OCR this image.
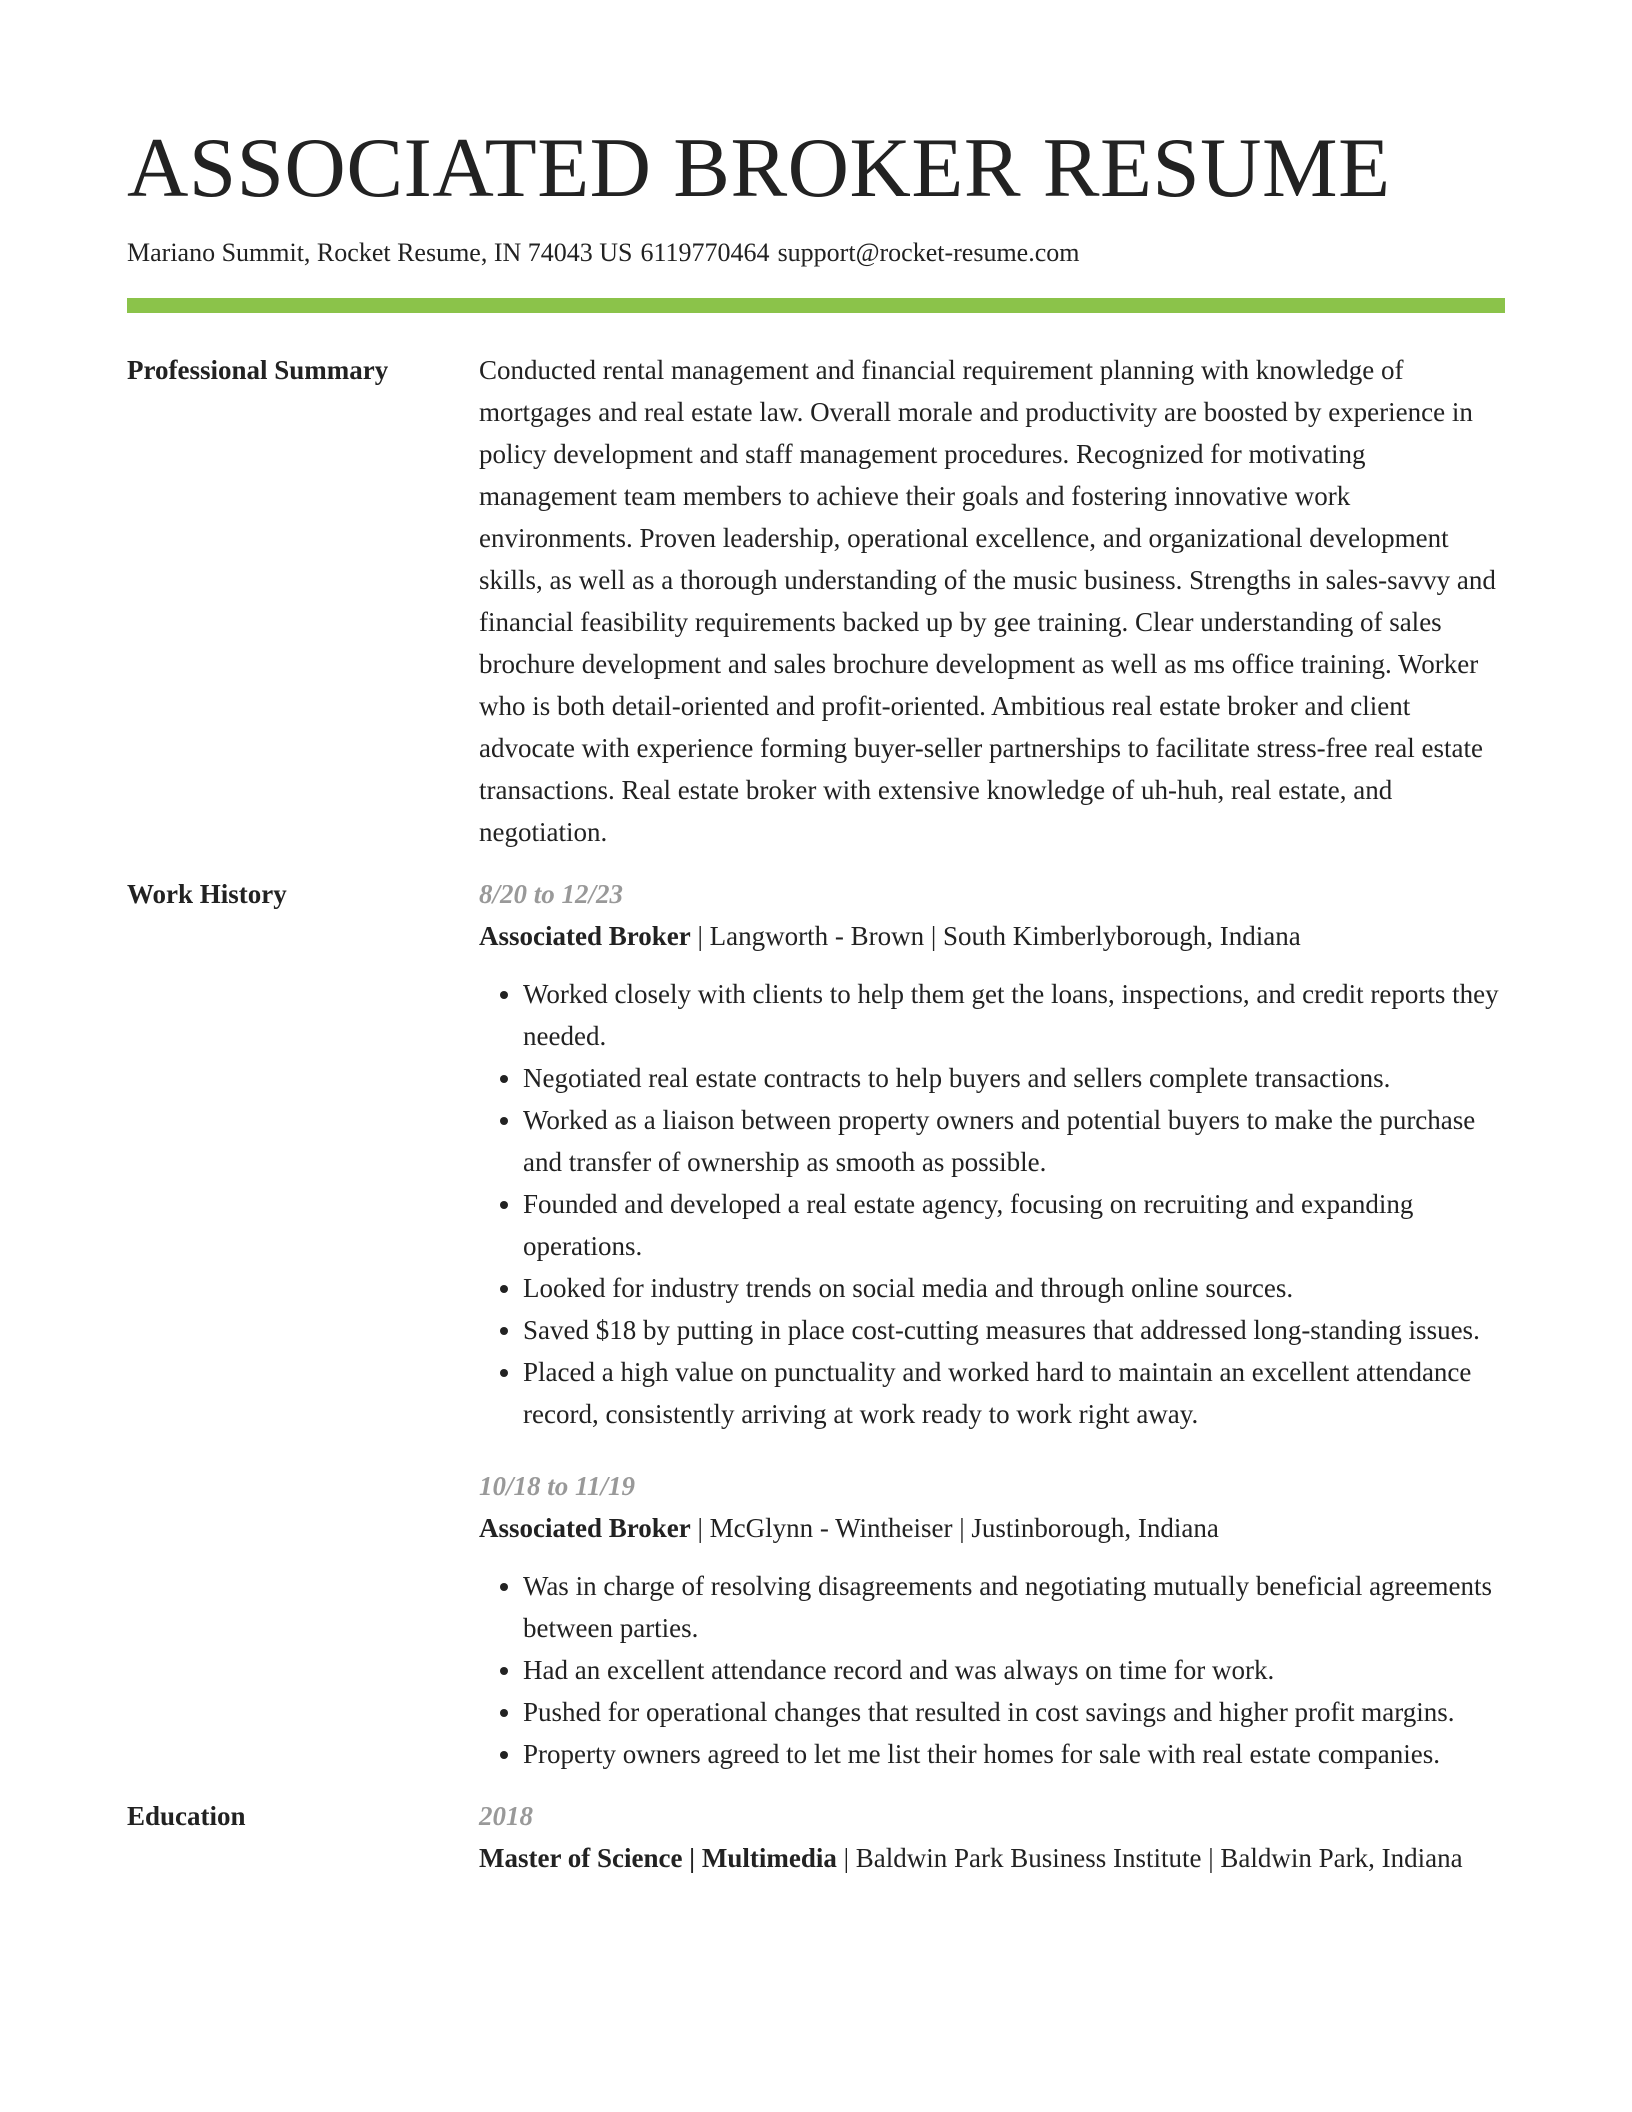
ASSOCIATED BROKER RESUME
Mariano Summit, Rocket Resume, IN 74043 US 6119770464 support@rocket-resume.com
Professional Summary	Conducted rental management and financial requirement planning with knowledge of mortgages and real estate law. Overall morale and productivity are boosted by experience in policy development and staff management procedures. Recognized for motivating management team members to achieve their goals and fostering innovative work environments. Proven leadership, operational excellence, and organizational development skills, as well as a thorough understanding of the music business. Strengths in sales-savvy and financial feasibility requirements backed up by gee training. Clear understanding of sales brochure development and sales brochure development as well as ms office training. Worker who is both detail-oriented and profit-oriented. Ambitious real estate broker and client advocate with experience forming buyer-seller partnerships to facilitate stress-free real estate transactions. Real estate broker with extensive knowledge of uh-huh, real estate, and negotiation.

Work History	8/20 to 12/23
Associated Broker | Langworth - Brown | South Kimberlyborough, Indiana
• Worked closely with clients to help them get the loans, inspections, and credit reports they needed.
• Negotiated real estate contracts to help buyers and sellers complete transactions.
• Worked as a liaison between property owners and potential buyers to make the purchase and transfer of ownership as smooth as possible.
• Founded and developed a real estate agency, focusing on recruiting and expanding operations.
• Looked for industry trends on social media and through online sources.
• Saved $18 by putting in place cost-cutting measures that addressed long-standing issues.
• Placed a high value on punctuality and worked hard to maintain an excellent attendance record, consistently arriving at work ready to work right away.
10/18 to 11/19
Associated Broker | McGlynn - Wintheiser | Justinborough, Indiana
• Was in charge of resolving disagreements and negotiating mutually beneficial agreements between parties.
• Had an excellent attendance record and was always on time for work.
• Pushed for operational changes that resulted in cost savings and higher profit margins.
• Property owners agreed to let me list their homes for sale with real estate companies.
Education	2018
Master of Science | Multimedia | Baldwin Park Business Institute | Baldwin Park, Indiana
